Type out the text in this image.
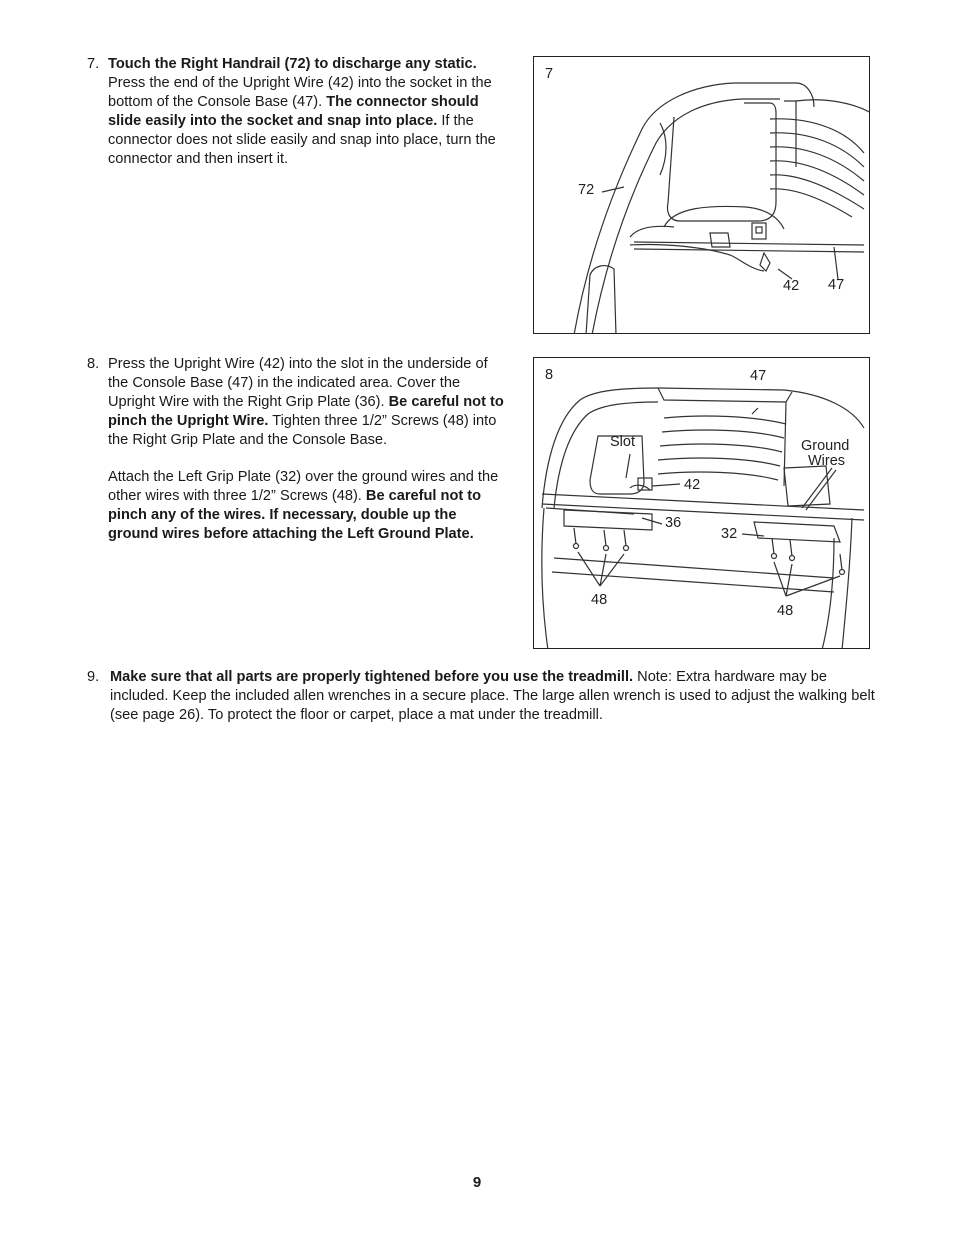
7. Touch the Right Handrail (72) to discharge any static. Press the end of the Upright Wire (42) into the socket in the bottom of the Console Base (47). The connector should slide easily into the socket and snap into place. If the connector does not slide easily and snap into place, turn the connector and then insert it.

7
72
42 47
8. Press the Upright Wire (42) into the slot in the underside of the Console Base (47) in the indicated area. Cover the Upright Wire with the Right Grip Plate (36). Be careful not to pinch the Upright Wire. Tighten three 1/2” Screws (48) into the Right Grip Plate and the Console Base.

Attach the Left Grip Plate (32) over the ground wires and the other wires with three 1/2” Screws (48). Be careful not to pinch any of the wires. If necessary, double up the ground wires before attaching the Left Ground Plate.

8	47
Slot	Ground
Wires
42
36
32
48
48
9. Make sure that all parts are properly tightened before you use the treadmill. Note: Extra hardware may be included. Keep the included allen wrenches in a secure place. The large allen wrench is used to adjust the walking belt (see page 26). To protect the floor or carpet, place a mat under the treadmill.

9
